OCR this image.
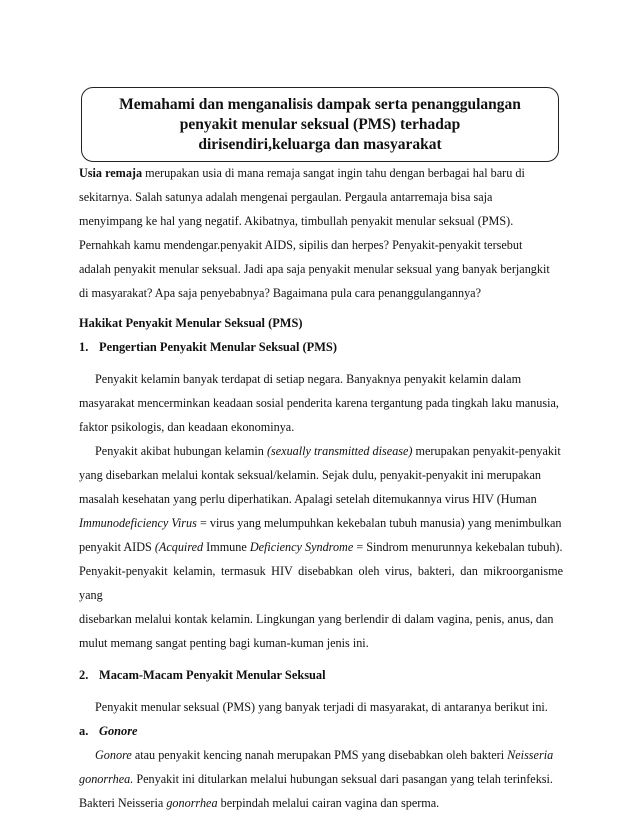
Memahami dan menganalisis dampak serta penanggulangan
penyakit menular seksual (PMS) terhadap
dirisendiri,keluarga dan masyarakat

Usia remaja merupakan usia di mana remaja sangat ingin tahu dengan berbagai hal baru di

sekitarnya. Salah satunya adalah mengenai pergaulan. Pergaula antarremaja bisa saja

menyimpang ke hal yang negatif. Akibatnya, timbullah penyakit menular seksual (PMS).

Pernahkah kamu mendengar.penyakit AIDS, sipilis dan herpes? Penyakit-penyakit tersebut

adalah penyakit menular seksual. Jadi apa saja penyakit menular seksual yang banyak berjangkit

di masyarakat? Apa saja penyebabnya? Bagaimana pula cara penanggulangannya?

Hakikat Penyakit Menular Seksual (PMS)

1. Pengertian Penyakit Menular Seksual (PMS)

Penyakit kelamin banyak terdapat di setiap negara. Banyaknya penyakit kelamin dalam

masyarakat mencerminkan keadaan sosial penderita karena tergantung pada tingkah laku manusia,

faktor psikologis, dan keadaan ekonominya.

Penyakit akibat hubungan kelamin (sexually transmitted disease) merupakan penyakit-penyakit

yang disebarkan melalui kontak seksual/kelamin. Sejak dulu, penyakit-penyakit ini merupakan

masalah kesehatan yang perlu diperhatikan. Apalagi setelah ditemukannya virus HIV (Human

Immunodeficiency Virus = virus yang melumpuhkan kekebalan tubuh manusia) yang menimbulkan

penyakit AIDS (Acquired Immune Deficiency Syndrome = Sindrom menurunnya kekebalan tubuh).

Penyakit-penyakit kelamin, termasuk HIV disebabkan oleh virus, bakteri, dan mikroorganisme yang

disebarkan melalui kontak kelamin. Lingkungan yang berlendir di dalam vagina, penis, anus, dan

mulut memang sangat penting bagi kuman-kuman jenis ini.

2. Macam-Macam Penyakit Menular Seksual

Penyakit menular seksual (PMS) yang banyak terjadi di masyarakat, di antaranya berikut ini.

a. Gonore

Gonore atau penyakit kencing nanah merupakan PMS yang disebabkan oleh bakteri Neisseria

gonorrhea. Penyakit ini ditularkan melalui hubungan seksual dari pasangan yang telah terinfeksi.

Bakteri Neisseria gonorrhea berpindah melalui cairan vagina dan sperma.
